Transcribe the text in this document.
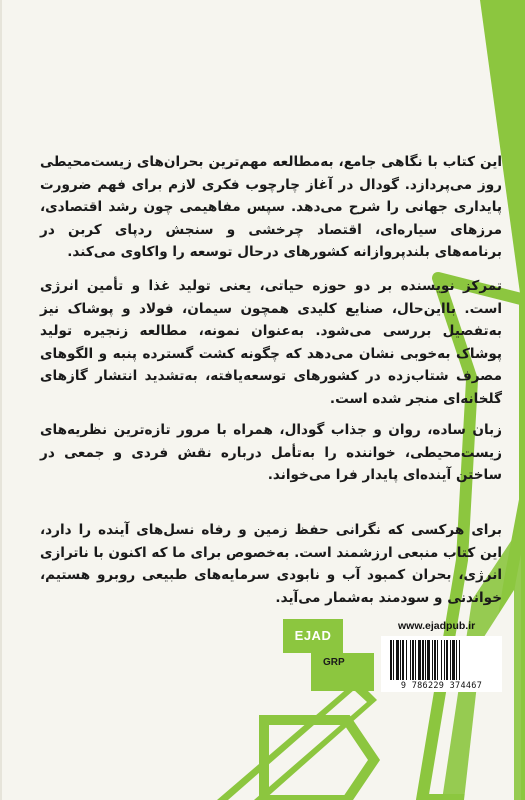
این کتاب با نگاهی جامع، به‌مطالعه مهم‌ترین بحران‌های زیست‌محیطی روز می‌پردازد. گودال در آغاز چارچوب فکری لازم برای فهم ضرورت پایداری جهانی را شرح می‌دهد. سپس مفاهیمی چون رشد اقتصادی، مرزهای سیاره‌ای، اقتصاد چرخشی و سنجش ردپای کربن در برنامه‌های بلندپروازانه کشورهای درحال توسعه را واکاوی می‌کند.

تمرکز نویسنده بر دو حوزه حیاتی، یعنی تولید غذا و تأمین انرژی است. بااین‌حال، صنایع کلیدی همچون سیمان، فولاد و پوشاک نیز به‌تفصیل بررسی می‌شود. به‌عنوان نمونه، مطالعه زنجیره تولید پوشاک به‌خوبی نشان می‌دهد که چگونه کشت گسترده پنبه و الگوهای مصرف شتاب‌زده در کشورهای توسعه‌یافته، به‌تشدید انتشار گازهای گلخانه‌ای منجر شده است.

زبان ساده، روان و جذاب گودال، همراه با مرور تازه‌ترین نظریه‌های زیست‌محیطی، خواننده را به‌تأمل درباره نقش فردی و جمعی در ساختن آینده‌ای پایدار فرا می‌خواند.

برای هرکسی که نگرانی حفظ زمین و رفاه نسل‌های آینده را دارد، این کتاب منبعی ارزشمند است. به‌خصوص برای ما که اکنون با ناترازی انرژی، بحران کمبود آب و نابودی سرمایه‌های طبیعی روبرو هستیم، خواندنی و سودمند به‌شمار می‌آید.

www.ejadpub.ir
EJAD
GRP
9 786229 374467
